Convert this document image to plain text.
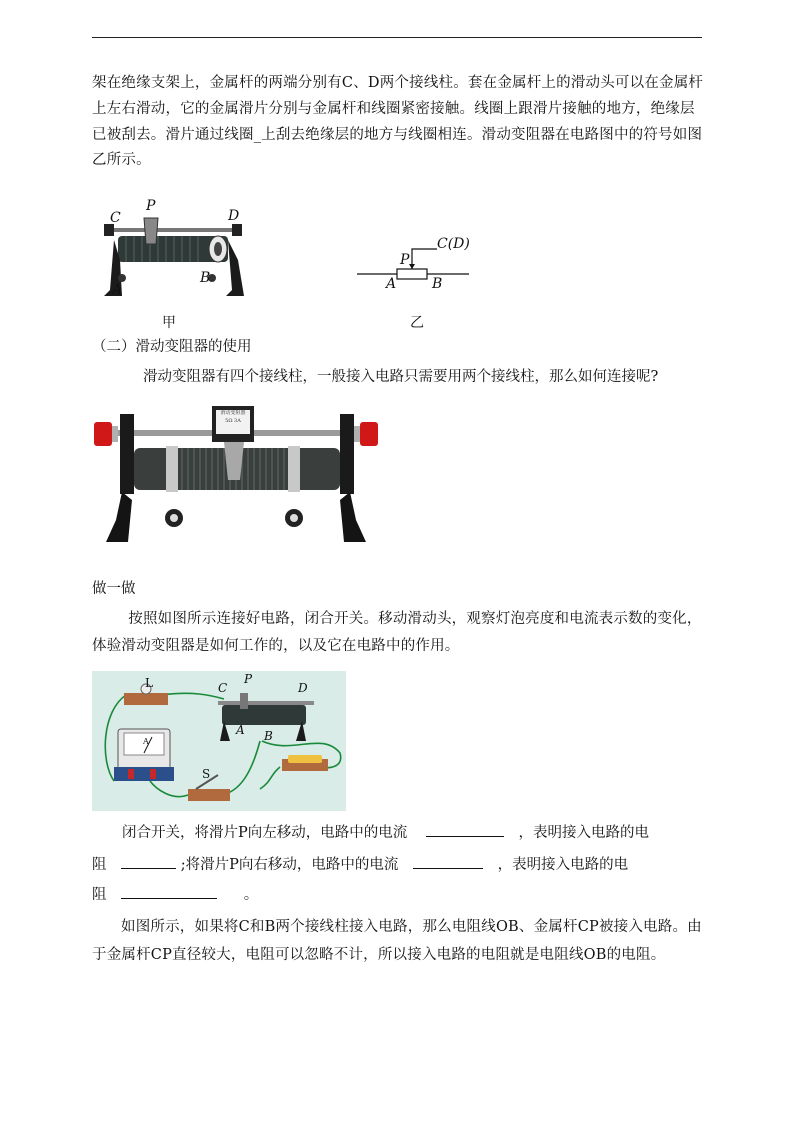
架在绝缘支架上，金属杆的两端分别有C、D两个接线柱。套在金属杆上的滑动头可以在金属杆上左右滑动，它的金属滑片分别与金属杆和线圈紧密接触。线圈上跟滑片接触的地方，绝缘层已被刮去。滑片通过线圈_上刮去绝缘层的地方与线圈相连。滑动变阻器在电路图中的符号如图乙所示。

C
P
D
A
B
甲
C(D)
P
A	B
乙
（二）滑动变阻器的使用
滑动变阻器有四个接线柱，一般接入电路只需要用两个接线柱，那么如何连接呢?
滑动变阻器
5Ω 3A
做一做

按照如图所示连接好电路，闭合开关。移动滑动头，观察灯泡亮度和电流表示数的变化，体验滑动变阻器是如何工作的，以及它在电路中的作用。

L	C
P
D
A B
S
A
闭合开关，将滑片P向左移动，电路中的电流	，表明接入电路的电
阻	;将滑片P向右移动，电路中的电流	，表明接入电路的电
阻	。

如图所示，如果将C和B两个接线柱接入电路，那么电阻线OB、金属杆CP被接入电路。由于金属杆CP直径较大，电阻可以忽略不计，所以接入电路的电阻就是电阻线OB的电阻。
